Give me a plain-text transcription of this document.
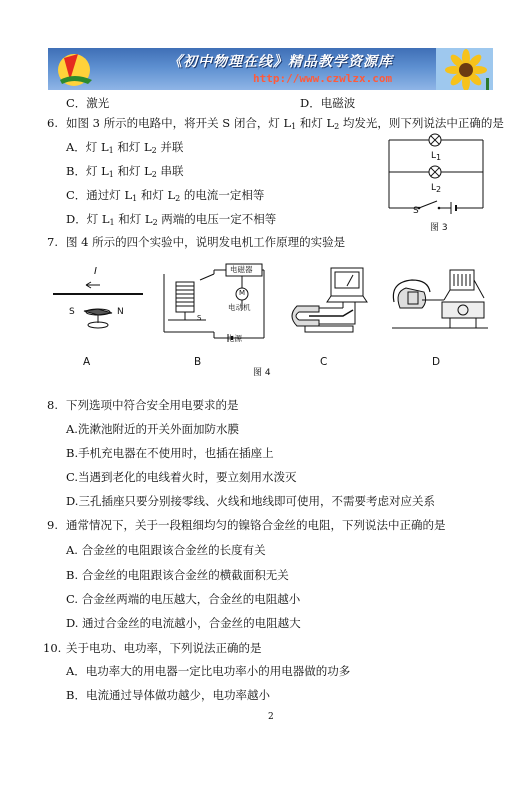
《初中物理在线》精品教学资源库
http://www.czwlzx.com
C．激光	D．电磁波
6. 如图 3 所示的电路中，将开关 S 闭合，灯 $L_1$ 和灯 $L_2$ 均发光，则下列说法中正确的是
A．灯 $L_1$ 和灯 $L_2$ 并联
B．灯 $L_1$ 和灯 $L_2$ 串联
C．通过灯 $L_1$ 和灯 $L_2$ 的电流一定相等
D．灯 $L_1$ 和灯 $L_2$ 两端的电压一定不相等
$L_1$
$L_2$
S
图 3
7. 图 4 所示的四个实验中，说明发电机工作原理的实验是
I
S	N
电磁器
M
电动机
电源
S
A	B	C	D
图 4
8. 下列选项中符合安全用电要求的是
A.洗漱池附近的开关外面加防水膜
B.手机充电器在不使用时，也插在插座上
C.当遇到老化的电线着火时，要立刻用水泼灭
D.三孔插座只要分别接零线、火线和地线即可使用，不需要考虑对应关系
9. 通常情况下，关于一段粗细均匀的镍铬合金丝的电阻，下列说法中正确的是
A. 合金丝的电阻跟该合金丝的长度有关
B. 合金丝的电阻跟该合金丝的横截面积无关
C. 合金丝两端的电压越大，合金丝的电阻越小
D. 通过合金丝的电流越小，合金丝的电阻越大
10. 关于电功、电功率，下列说法正确的是
A．电功率大的用电器一定比电功率小的用电器做的功多
B．电流通过导体做功越少，电功率越小
2
